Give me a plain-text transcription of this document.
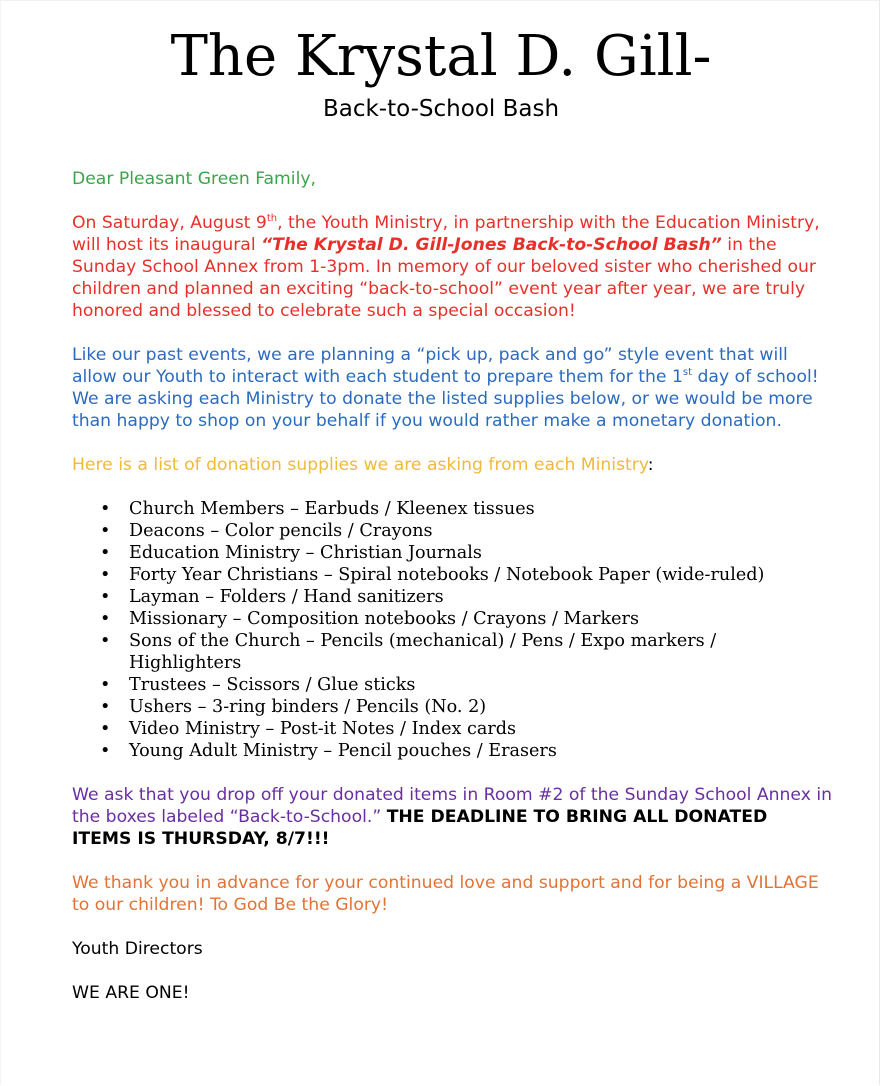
The Krystal D. Gill-
Back-to-School Bash

Dear Pleasant Green Family,

On Saturday, August 9th, the Youth Ministry, in partnership with the Education Ministry, will host its inaugural “The Krystal D. Gill-Jones Back-to-School Bash” in the Sunday School Annex from 1-3pm. In memory of our beloved sister who cherished our children and planned an exciting “back-to-school” event year after year, we are truly honored and blessed to celebrate such a special occasion!

Like our past events, we are planning a “pick up, pack and go” style event that will allow our Youth to interact with each student to prepare them for the 1st day of school! We are asking each Ministry to donate the listed supplies below, or we would be more than happy to shop on your behalf if you would rather make a monetary donation.

Here is a list of donation supplies we are asking from each Ministry:

• Church Members – Earbuds / Kleenex tissues
• Deacons – Color pencils / Crayons
• Education Ministry – Christian Journals
• Forty Year Christians – Spiral notebooks / Notebook Paper (wide-ruled)
• Layman – Folders / Hand sanitizers
• Missionary – Composition notebooks / Crayons / Markers
• Sons of the Church – Pencils (mechanical) / Pens / Expo markers / Highlighters
• Trustees – Scissors / Glue sticks
• Ushers – 3-ring binders / Pencils (No. 2)
• Video Ministry – Post-it Notes / Index cards
• Young Adult Ministry – Pencil pouches / Erasers

We ask that you drop off your donated items in Room #2 of the Sunday School Annex in the boxes labeled “Back-to-School.” THE DEADLINE TO BRING ALL DONATED ITEMS IS THURSDAY, 8/7!!!

We thank you in advance for your continued love and support and for being a VILLAGE to our children! To God Be the Glory!

Youth Directors

WE ARE ONE!
